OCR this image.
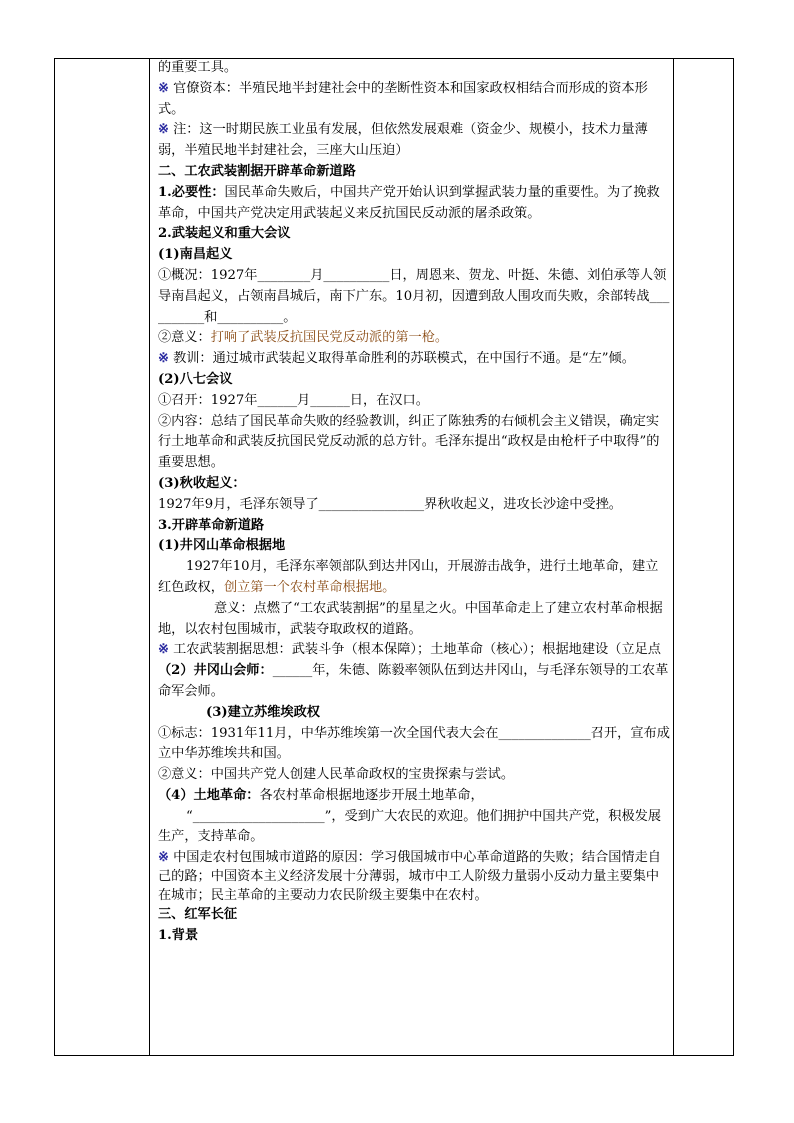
的重要工具。

※ 官僚资本：半殖民地半封建社会中的垄断性资本和国家政权相结合而形成的资本形式。

※ 注：这一时期民族工业虽有发展，但依然发展艰难（资金少、规模小，技术力量薄弱，半殖民地半封建社会，三座大山压迫）

二、工农武装割据开辟革命新道路

1.必要性：国民革命失败后，中国共产党开始认识到掌握武装力量的重要性。为了挽救革命，中国共产党决定用武装起义来反抗国民反动派的屠杀政策。

2.武装起义和重大会议

(1)南昌起义

①概况：1927年________月__________日，周恩来、贺龙、叶挺、朱德、刘伯承等人领导南昌起义，占领南昌城后，南下广东。10月初，因遭到敌人围攻而失败，余部转战__________和__________。

②意义：打响了武装反抗国民党反动派的第一枪。

※ 教训：通过城市武装起义取得革命胜利的苏联模式，在中国行不通。是“左”倾。

(2)八七会议

①召开：1927年______月______日，在汉口。

②内容：总结了国民革命失败的经验教训，纠正了陈独秀的右倾机会主义错误，确定实行土地革命和武装反抗国民党反动派的总方针。毛泽东提出“政权是由枪杆子中取得”的重要思想。

(3)秋收起义：

1927年9月，毛泽东领导了________________界秋收起义，进攻长沙途中受挫。

3.开辟革命新道路

(1)井冈山革命根据地

1927年10月，毛泽东率领部队到达井冈山，开展游击战争，进行土地革命，建立红色政权，创立第一个农村革命根据地。

意义：点燃了“工农武装割据”的星星之火。中国革命走上了建立农村革命根据地，以农村包围城市，武装夺取政权的道路。

※ 工农武装割据思想：武装斗争（根本保障）；土地革命（核心）；根据地建设（立足点

（2）井冈山会师：______年，朱德、陈毅率领队伍到达井冈山，与毛泽东领导的工农革命军会师。

(3)建立苏维埃政权

①标志：1931年11月，中华苏维埃第一次全国代表大会在______________召开，宣布成立中华苏维埃共和国。

②意义：中国共产党人创建人民革命政权的宝贵探索与尝试。

（4）土地革命：各农村革命根据地逐步开展土地革命，

“____________________”，受到广大农民的欢迎。他们拥护中国共产党，积极发展生产，支持革命。

※ 中国走农村包围城市道路的原因：学习俄国城市中心革命道路的失败；结合国情走自己的路；中国资本主义经济发展十分薄弱，城市中工人阶级力量弱小反动力量主要集中在城市；民主革命的主要动力农民阶级主要集中在农村。

三、红军长征

1.背景
